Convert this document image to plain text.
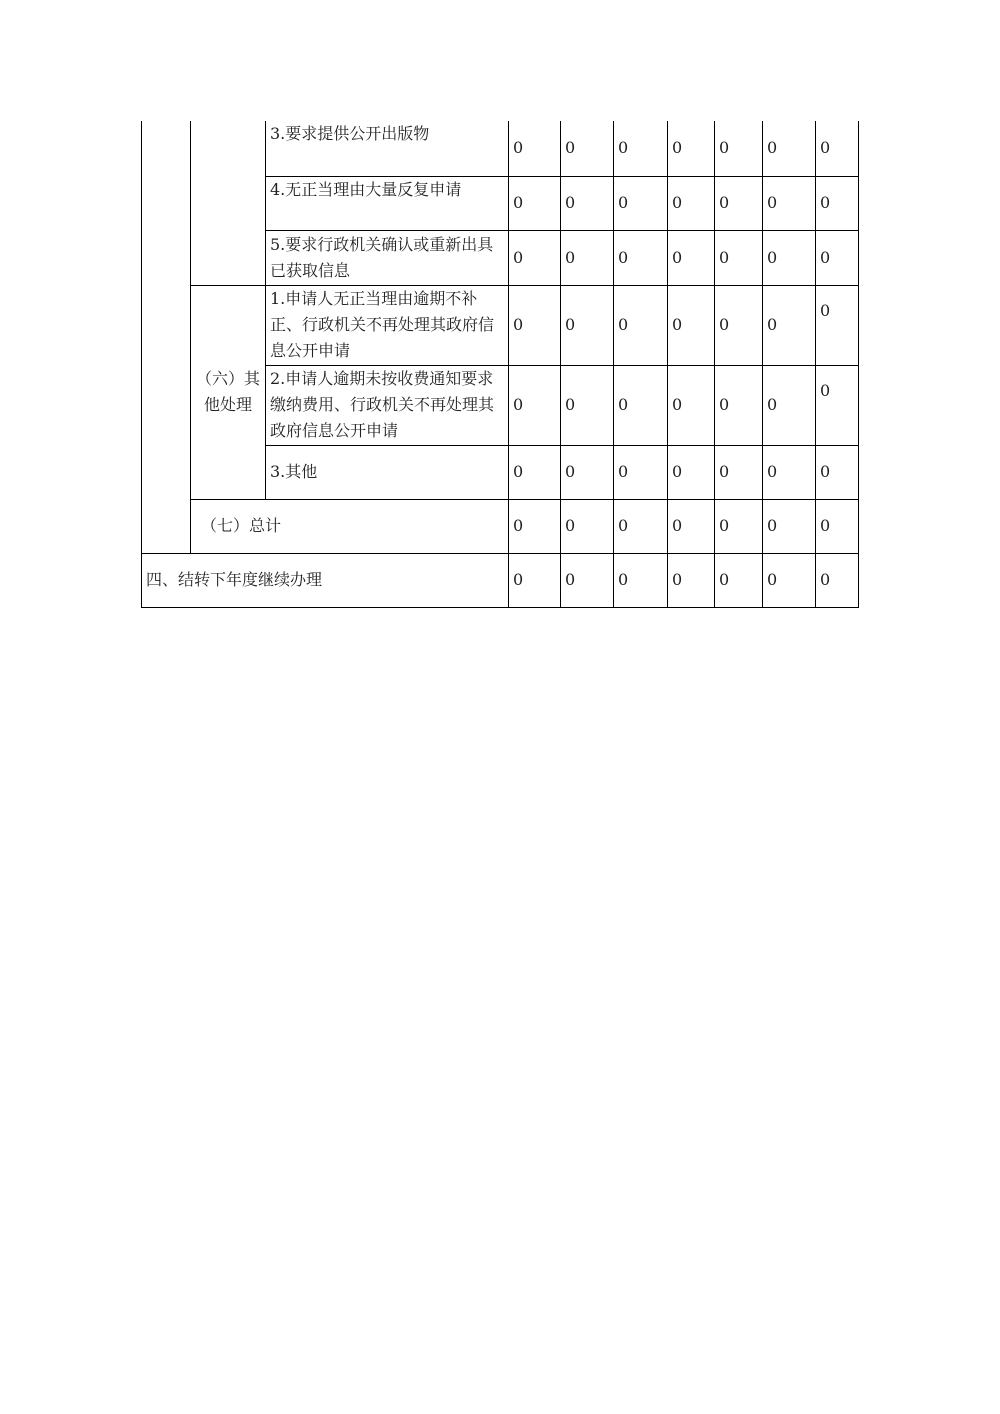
		3.要求提供公开出版物	0	0	0	0	0	0	0
		4.无正当理由大量反复申请	0	0	0	0	0	0	0
		5.要求行政机关确认或重新出具已获取信息	0	0	0	0	0	0	0
	（六）其他处理	1.申请人无正当理由逾期不补正、行政机关不再处理其政府信息公开申请	0	0	0	0	0	0	0
		2.申请人逾期未按收费通知要求缴纳费用、行政机关不再处理其政府信息公开申请	0	0	0	0	0	0	0
		3.其他	0	0	0	0	0	0	0
	（七）总计		0	0	0	0	0	0	0
四、结转下年度继续办理			0	0	0	0	0	0	0
